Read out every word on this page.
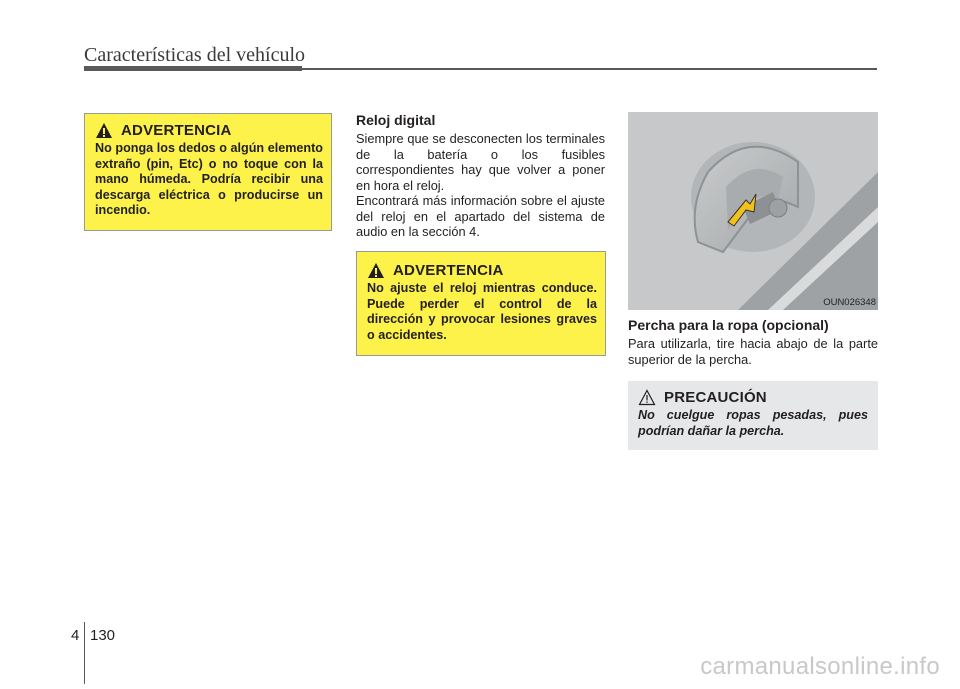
Características del vehículo
ADVERTENCIA

No ponga los dedos o algún elemento extraño (pin, Etc) o no toque con la mano húmeda. Podría recibir una descarga eléctrica o producirse un incendio.

Reloj digital

Siempre que se desconecten los terminales de la batería o los fusibles correspondientes hay que volver a poner en hora el reloj.

Encontrará más información sobre el ajuste del reloj en el apartado del sistema de audio en la sección 4.

ADVERTENCIA

No ajuste el reloj mientras conduce. Puede perder el control de la dirección y provocar lesiones graves o accidentes.

OUN026348
Percha para la ropa (opcional)

Para utilizarla, tire hacia abajo de la parte superior de la percha.

PRECAUCIÓN

No cuelgue ropas pesadas, pues podrían dañar la percha.

4 130
carmanualsonline.info
